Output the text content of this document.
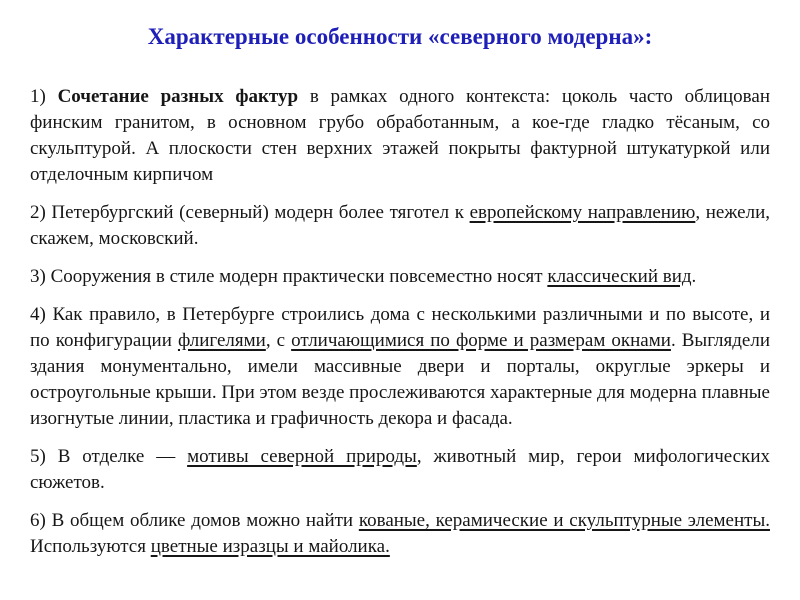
Характерные особенности «северного модерна»:

1) Сочетание разных фактур в рамках одного контекста: цоколь часто облицован финским гранитом, в основном грубо обработанным, а кое-где гладко тёсаным, со скульптурой. А плоскости стен верхних этажей покрыты фактурной штукатуркой или отделочным кирпичом

2) Петербургский (северный) модерн более тяготел к европейскому направлению, нежели, скажем, московский.

3) Сооружения в стиле модерн практически повсеместно носят классический вид.

4) Как правило, в Петербурге строились дома с несколькими различными и по высоте, и по конфигурации флигелями, с отличающимися по форме и размерам окнами. Выглядели здания монументально, имели массивные двери и порталы, округлые эркеры и остроугольные крыши. При этом везде прослеживаются характерные для модерна плавные изогнутые линии, пластика и графичность декора и фасада.

5) В отделке — мотивы северной природы, животный мир, герои мифологических сюжетов.

6) В общем облике домов можно найти кованые, керамические и скульптурные элементы. Используются цветные изразцы и майолика.
